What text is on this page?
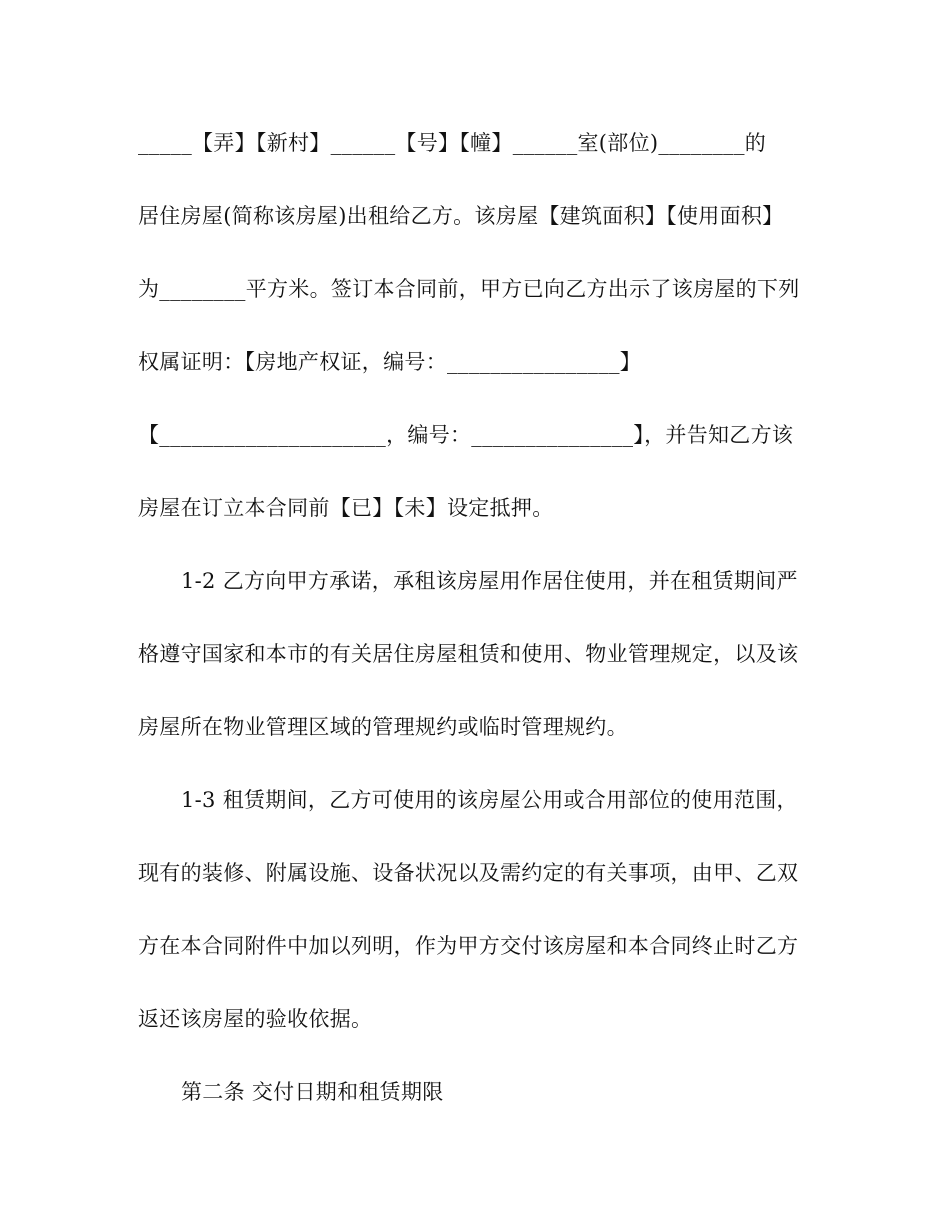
_____【弄】【新村】______【号】【幢】______室(部位)________的
居住房屋(简称该房屋)出租给乙方。该房屋【建筑面积】【使用面积】
为________平方米。签订本合同前，甲方已向乙方出示了该房屋的下列
权属证明：【房地产权证，编号：________________】
【_____________________，编号：_______________】，并告知乙方该
房屋在订立本合同前【已】【未】设定抵押。
1-2 乙方向甲方承诺，承租该房屋用作居住使用，并在租赁期间严
格遵守国家和本市的有关居住房屋租赁和使用、物业管理规定，以及该
房屋所在物业管理区域的管理规约或临时管理规约。
1-3 租赁期间，乙方可使用的该房屋公用或合用部位的使用范围，
现有的装修、附属设施、设备状况以及需约定的有关事项，由甲、乙双
方在本合同附件中加以列明，作为甲方交付该房屋和本合同终止时乙方
返还该房屋的验收依据。
第二条 交付日期和租赁期限
